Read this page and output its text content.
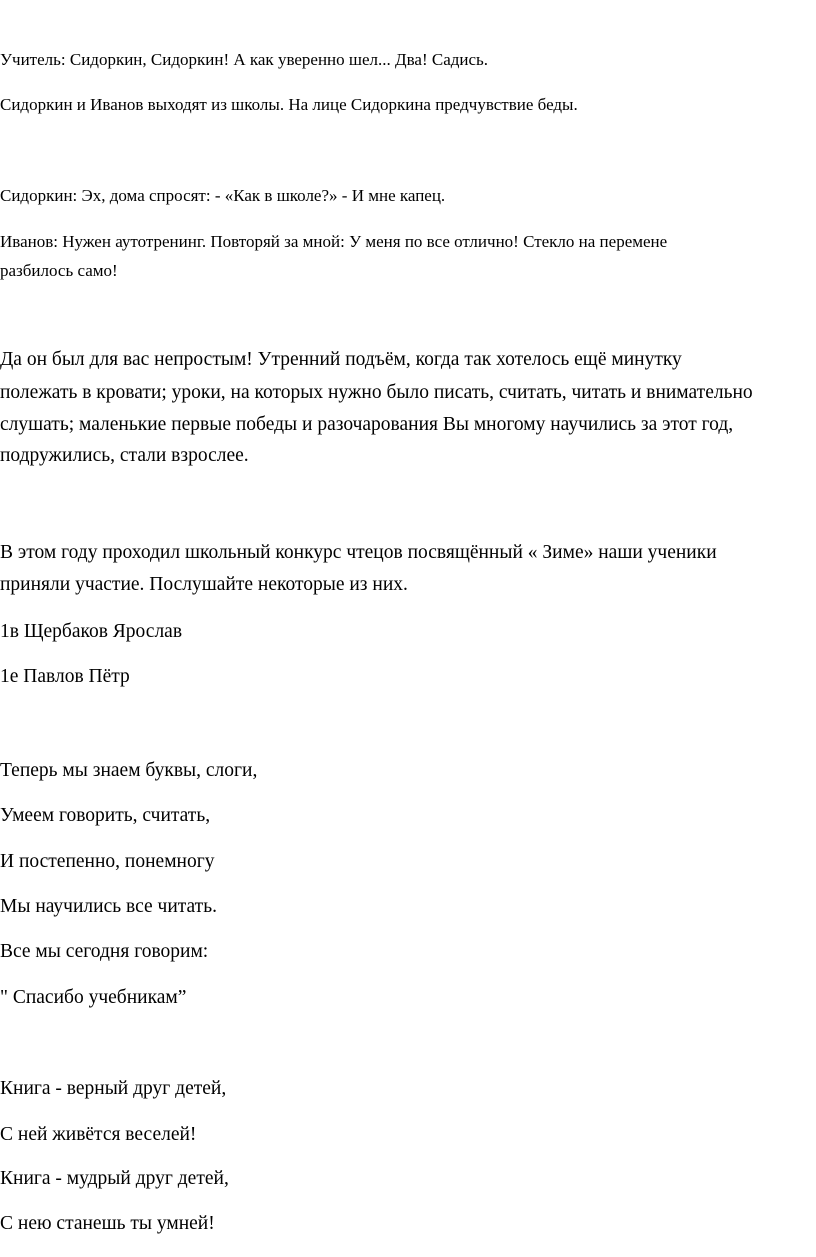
Учитель: Сидоркин, Сидоркин! А как уверенно шел... Два! Садись.

Сидоркин и Иванов выходят из школы. На лице Сидоркина предчувствие беды.

Сидоркин: Эх, дома спросят: - «Как в школе?» - И мне капец.

Иванов: Нужен аутотренинг. Повторяй за мной: У меня по все отлично! Стекло на перемене

разбилось само!

Да он был для вас непростым! Утренний подъём, когда так хотелось ещё минутку

полежать в кровати; уроки, на которых нужно было писать, считать, читать и внимательно

слушать; маленькие первые победы и разочарования Вы многому научились за этот год,

подружились, стали взрослее.

В этом году проходил школьный конкурс чтецов посвящённый « Зиме» наши ученики

приняли участие. Послушайте некоторые из них.

1в Щербаков Ярослав

1е Павлов Пётр

Теперь мы знаем буквы, слоги,

Умеем говорить, считать,

И постепенно, понемногу

Мы научились все читать.

Все мы сегодня говорим:

" Спасибо учебникам”

Книга - верный друг детей,

С ней живётся веселей!

Книга - мудрый друг детей,

С нею станешь ты умней!
